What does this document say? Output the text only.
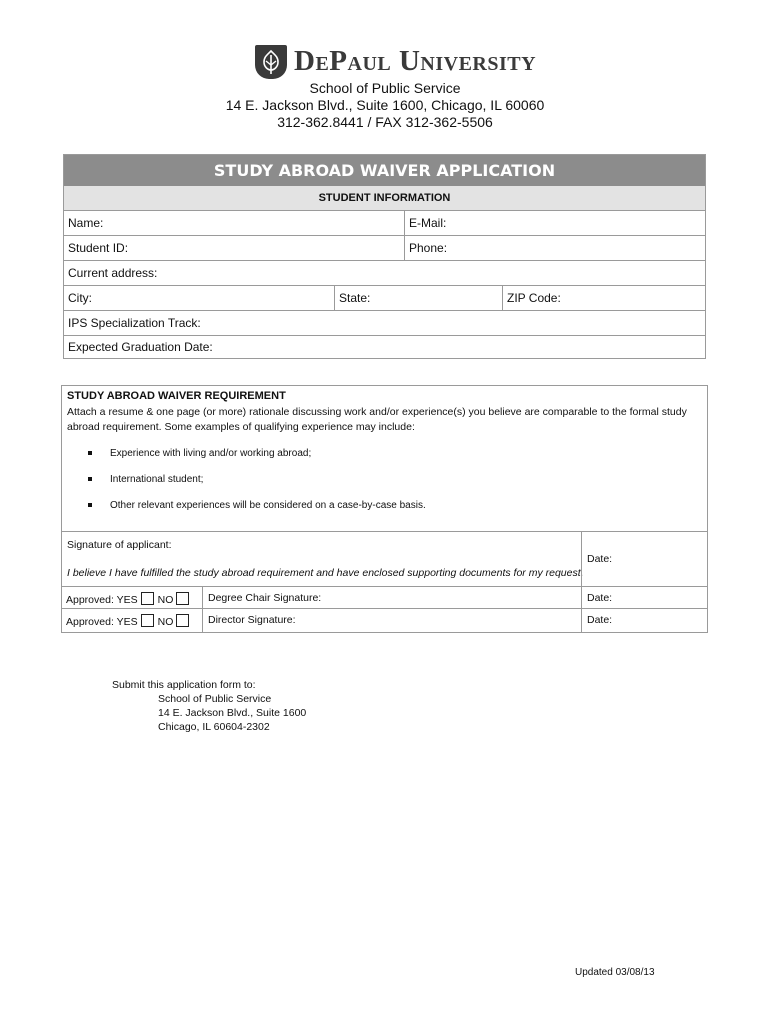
DePaul University
School of Public Service
14 E. Jackson Blvd., Suite 1600, Chicago, IL 60060
312-362.8441 / FAX 312-362-5506
STUDY ABROAD WAIVER APPLICATION
STUDENT INFORMATION
Name:	E-Mail:
Student ID:	Phone:
Current address:
City:	State:	ZIP Code:
IPS Specialization Track:
Expected Graduation Date:
STUDY ABROAD WAIVER REQUIREMENT
Attach a resume & one page (or more) rationale discussing work and/or experience(s) you believe are comparable to the formal study
abroad requirement. Some examples of qualifying experience may include:
Experience with living and/or working abroad;
International student;
Other relevant experiences will be considered on a case-by-case basis.
Signature of applicant:
I believe I have fulfilled the study abroad requirement and have enclosed supporting documents for my request.
Date:
Approved: YES NO	Degree Chair Signature:	Date:
Approved: YES NO	Director Signature:	Date:
Submit this application form to:
School of Public Service
14 E. Jackson Blvd., Suite 1600
Chicago, IL 60604-2302
Updated 03/08/13
